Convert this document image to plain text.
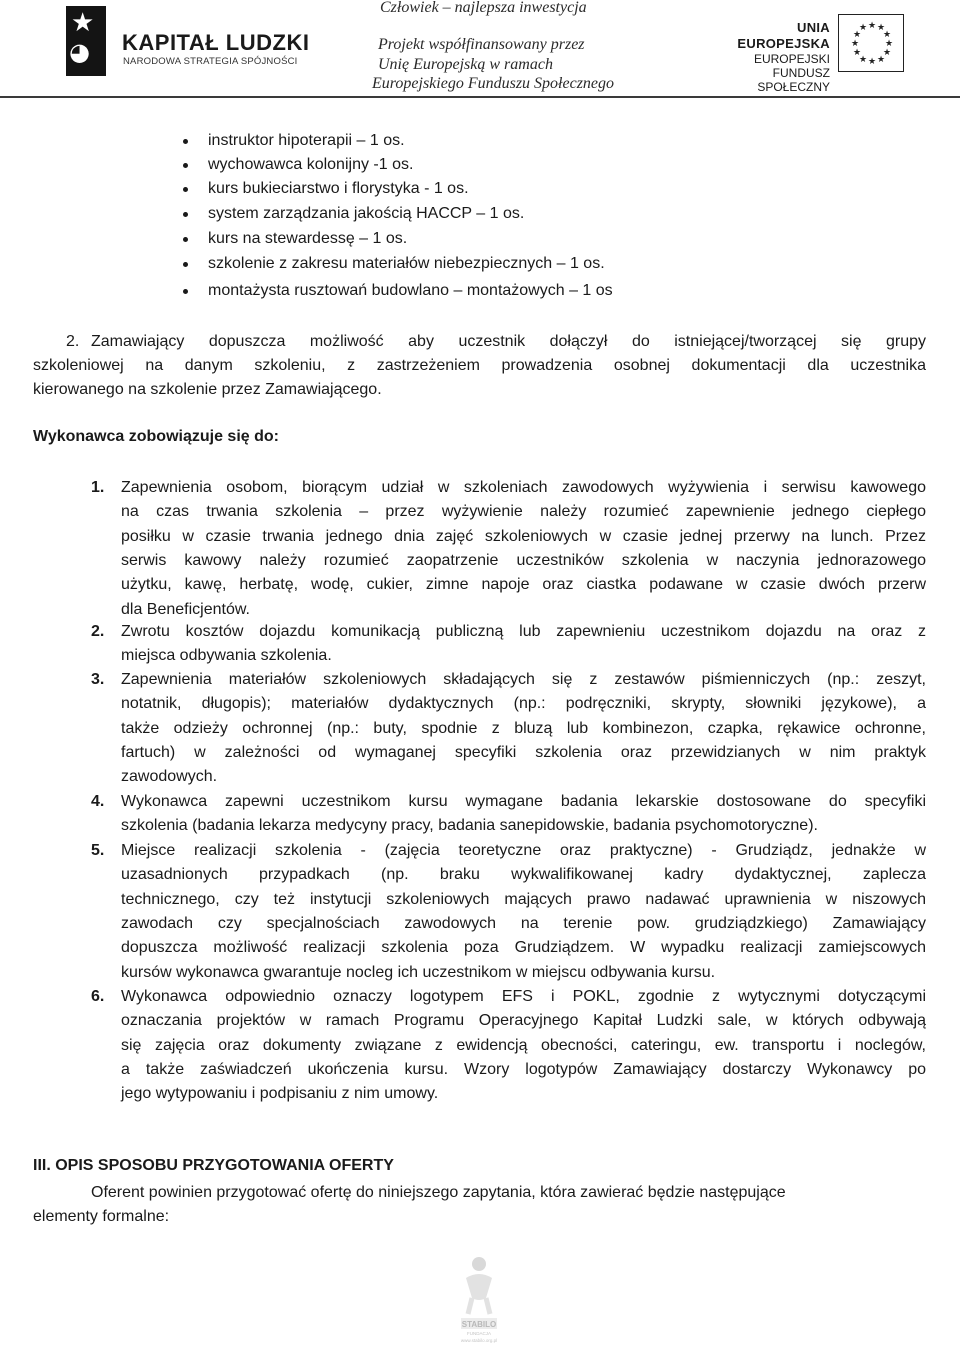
★
◕ KAPITAŁ LUDZKI
NARODOWA STRATEGIA SPÓJNOŚCI
Człowiek – najlepsza inwestycja
Projekt współfinansowany przez
Unię Europejską w ramach
Europejskiego Funduszu Społecznego
UNIA EUROPEJSKA
EUROPEJSKI
FUNDUSZ SPOŁECZNY
★ ★
★
★
★
★
★
★
★
★
★
★
instruktor hipoterapii – 1 os.
wychowawca kolonijny -1 os.
kurs bukieciarstwo i florystyka - 1 os.
system zarządzania jakością HACCP – 1 os.
kurs na stewardessę – 1 os.
szkolenie z zakresu materiałów niebezpiecznych – 1 os.
montażysta rusztowań budowlano – montażowych – 1 os
2. Zamawiający dopuszcza możliwość aby uczestnik dołączył do istniejącej/tworzącej się grupy
szkoleniowej na danym szkoleniu, z zastrzeżeniem prowadzenia osobnej dokumentacji dla uczestnika
kierowanego na szkolenie przez Zamawiającego.
Wykonawca zobowiązuje się do:
1. Zapewnienia osobom, biorącym udział w szkoleniach zawodowych wyżywienia i serwisu kawowego
na czas trwania szkolenia – przez wyżywienie należy rozumieć zapewnienie jednego ciepłego
posiłku w czasie trwania jednego dnia zajęć szkoleniowych w czasie jednej przerwy na lunch. Przez
serwis kawowy należy rozumieć zaopatrzenie uczestników szkolenia w naczynia jednorazowego
użytku, kawę, herbatę, wodę, cukier, zimne napoje oraz ciastka podawane w czasie dwóch przerw
dla Beneficjentów.
2. Zwrotu kosztów dojazdu komunikacją publiczną lub zapewnieniu uczestnikom dojazdu na oraz z
miejsca odbywania szkolenia.
3. Zapewnienia materiałów szkoleniowych składających się z zestawów piśmienniczych (np.: zeszyt,
notatnik, długopis); materiałów dydaktycznych (np.: podręczniki, skrypty, słowniki językowe), a
także odzieży ochronnej (np.: buty, spodnie z bluzą lub kombinezon, czapka, rękawice ochronne,
fartuch) w zależności od wymaganej specyfiki szkolenia oraz przewidzianych w nim praktyk
zawodowych.
4. Wykonawca zapewni uczestnikom kursu wymagane badania lekarskie dostosowane do specyfiki
szkolenia (badania lekarza medycyny pracy, badania sanepidowskie, badania psychomotoryczne).
5. Miejsce realizacji szkolenia - (zajęcia teoretyczne oraz praktyczne) - Grudziądz, jednakże w
uzasadnionych przypadkach (np. braku wykwalifikowanej kadry dydaktycznej, zaplecza
technicznego, czy też instytucji szkoleniowych mających prawo nadawać uprawnienia w niszowych
zawodach czy specjalnościach zawodowych na terenie pow. grudziądzkiego) Zamawiający
dopuszcza możliwość realizacji szkolenia poza Grudziądzem. W wypadku realizacji zamiejscowych
kursów wykonawca gwarantuje nocleg ich uczestnikom w miejscu odbywania kursu.
6. Wykonawca odpowiednio oznaczy logotypem EFS i POKL, zgodnie z wytycznymi dotyczącymi
oznaczania projektów w ramach Programu Operacyjnego Kapitał Ludzki sale, w których odbywają
się zajęcia oraz dokumenty związane z ewidencją obecności, cateringu, ew. transportu i noclegów,
a także zaświadczeń ukończenia kursu. Wzory logotypów Zamawiający dostarczy Wykonawcy po
jego wytypowaniu i podpisaniu z nim umowy.
III. OPIS SPOSOBU PRZYGOTOWANIA OFERTY
Oferent powinien przygotować ofertę do niniejszego zapytania, która zawierać będzie następujące
elementy formalne:
STABILO
FUNDACJA
www.stabilo.org.pl
